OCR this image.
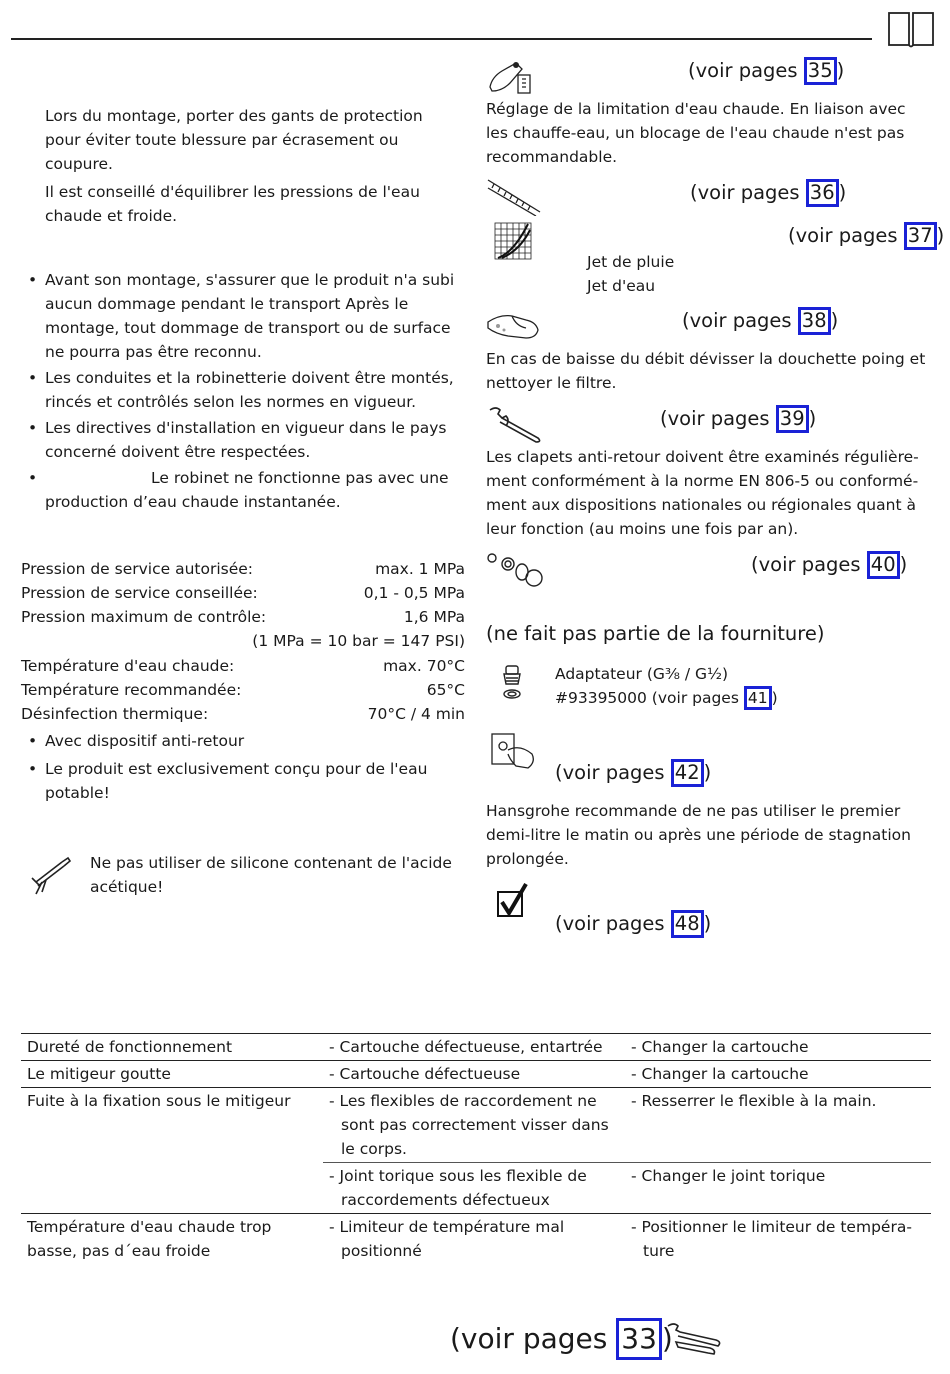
Lors du montage, porter des gants de protection pour éviter toute blessure par écrasement ou coupure.

Il est conseillé d'équilibrer les pressions de l'eau chaude et froide.

• Avant son montage, s'assurer que le produit n'a subi aucun dommage pendant le transport Après le montage, tout dommage de transport ou de surface ne pourra pas être reconnu.
• Les conduites et la robinetterie doivent être montés, rincés et contrôlés selon les normes en vigueur.
• Les directives d'installation en vigueur dans le pays concerné doivent être respectées.
• Le robinet ne fonctionne pas avec une production d’eau chaude instantanée.
Pression de service autorisée:	max. 1 MPa
Pression de service conseillée:	0,1 - 0,5 MPa
Pression maximum de contrôle:	1,6 MPa
(1 MPa = 10 bar = 147 PSI)
Température d'eau chaude:	max. 70°C
Température recommandée:	65°C
Désinfection thermique:	70°C / 4 min
• Avec dispositif anti-retour
• Le produit est exclusivement conçu pour de l'eau potable!

Ne pas utiliser de silicone contenant de l'acide acétique!

(voir pages 35 )

Réglage de la limitation d'eau chaude. En liaison avec les chauffe-eau, un blocage de l'eau chaude n'est pas recommandable.

(voir pages 36 )
(voir pages 37 )
Jet de pluie
Jet d'eau
(voir pages 38 )

En cas de baisse du débit dévisser la douchette poing et nettoyer le filtre.

(voir pages 39 )

Les clapets anti-retour doivent être examinés régulière-ment conformément à la norme EN 806-5 ou conformé-ment aux dispositions nationales ou régionales quant à leur fonction (au moins une fois par an).

(voir pages 40 )
(ne fait pas partie de la fourniture)
Adaptateur (G⅜ / G½)
#93395000 (voir pages 41 )
(voir pages 42 )

Hansgrohe recommande de ne pas utiliser le premier demi-litre le matin ou après une période de stagnation prolongée.

(voir pages 48 )
Dureté de fonctionnement	- Cartouche défectueuse, entartrée	- Changer la cartouche

Le mitigeur goutte	- Cartouche défectueuse	- Changer la cartouche

Fuite à la fixation sous le mitigeur	- Les flexibles de raccordement ne sont pas correctement visser dans le corps.	- Resserrer le flexible à la main.

	- Joint torique sous les flexible de raccordements défectueux	- Changer le joint torique

Température d'eau chaude trop basse, pas d´eau froide	- Limiteur de température mal positionné	- Positionner le limiteur de tempéra-ture
(voir pages 33 )
